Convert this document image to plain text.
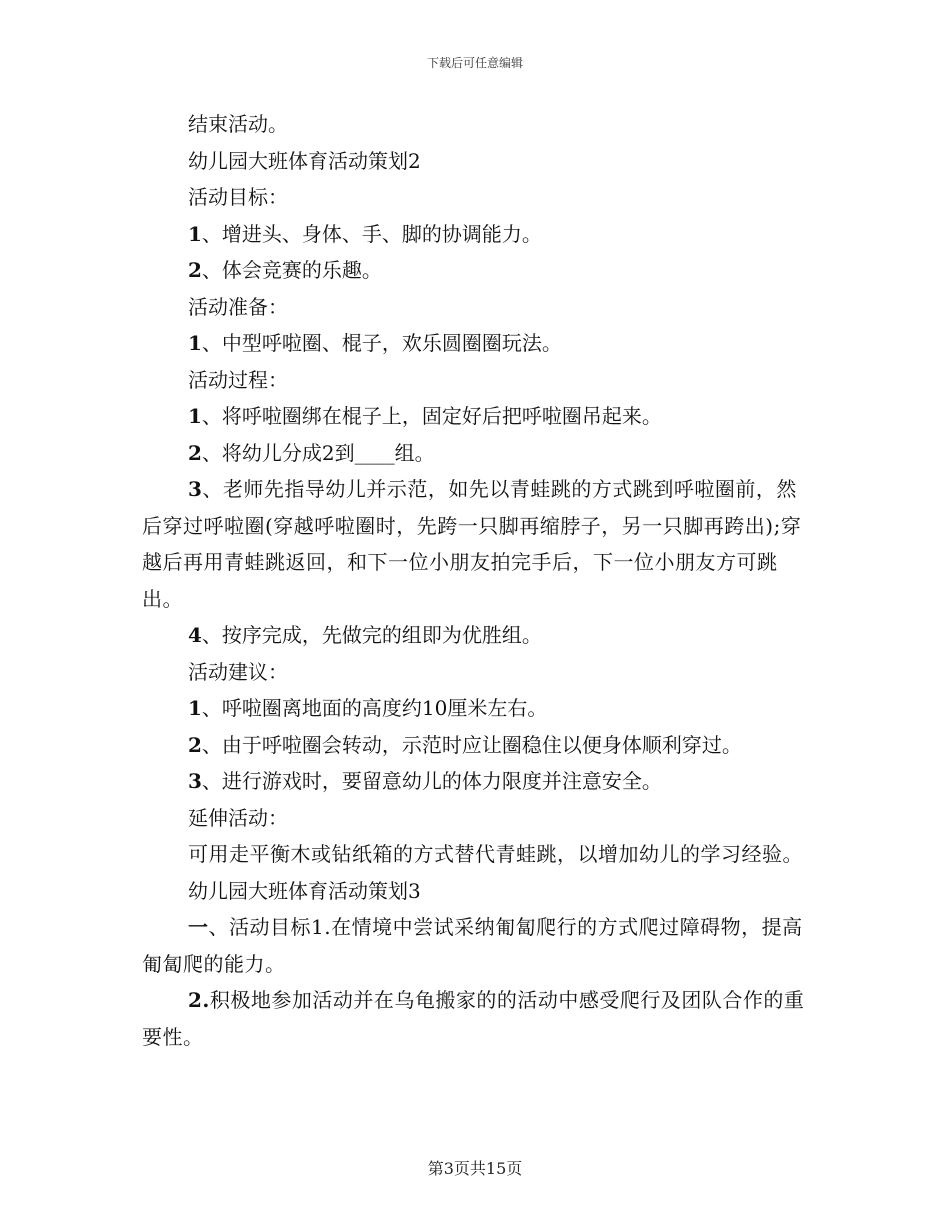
下载后可任意编辑
结束活动。
幼儿园大班体育活动策划2
活动目标：
1、增进头、身体、手、脚的协调能力。
2、体会竞赛的乐趣。
活动准备：
1、中型呼啦圈、棍子，欢乐圆圈圈玩法。
活动过程：
1、将呼啦圈绑在棍子上，固定好后把呼啦圈吊起来。
2、将幼儿分成2到____组。
3、老师先指导幼儿并示范，如先以青蛙跳的方式跳到呼啦圈前，然后穿过呼啦圈(穿越呼啦圈时，先跨一只脚再缩脖子，另一只脚再跨出);穿越后再用青蛙跳返回，和下一位小朋友拍完手后，下一位小朋友方可跳出。
4、按序完成，先做完的组即为优胜组。
活动建议：
1、呼啦圈离地面的高度约10厘米左右。
2、由于呼啦圈会转动，示范时应让圈稳住以便身体顺利穿过。
3、进行游戏时，要留意幼儿的体力限度并注意安全。
延伸活动：
可用走平衡木或钻纸箱的方式替代青蛙跳，以增加幼儿的学习经验。
幼儿园大班体育活动策划3
一、活动目标1.在情境中尝试采纳匍匐爬行的方式爬过障碍物，提高匍匐爬的能力。
2.积极地参加活动并在乌龟搬家的的活动中感受爬行及团队合作的重要性。
第3页共15页
